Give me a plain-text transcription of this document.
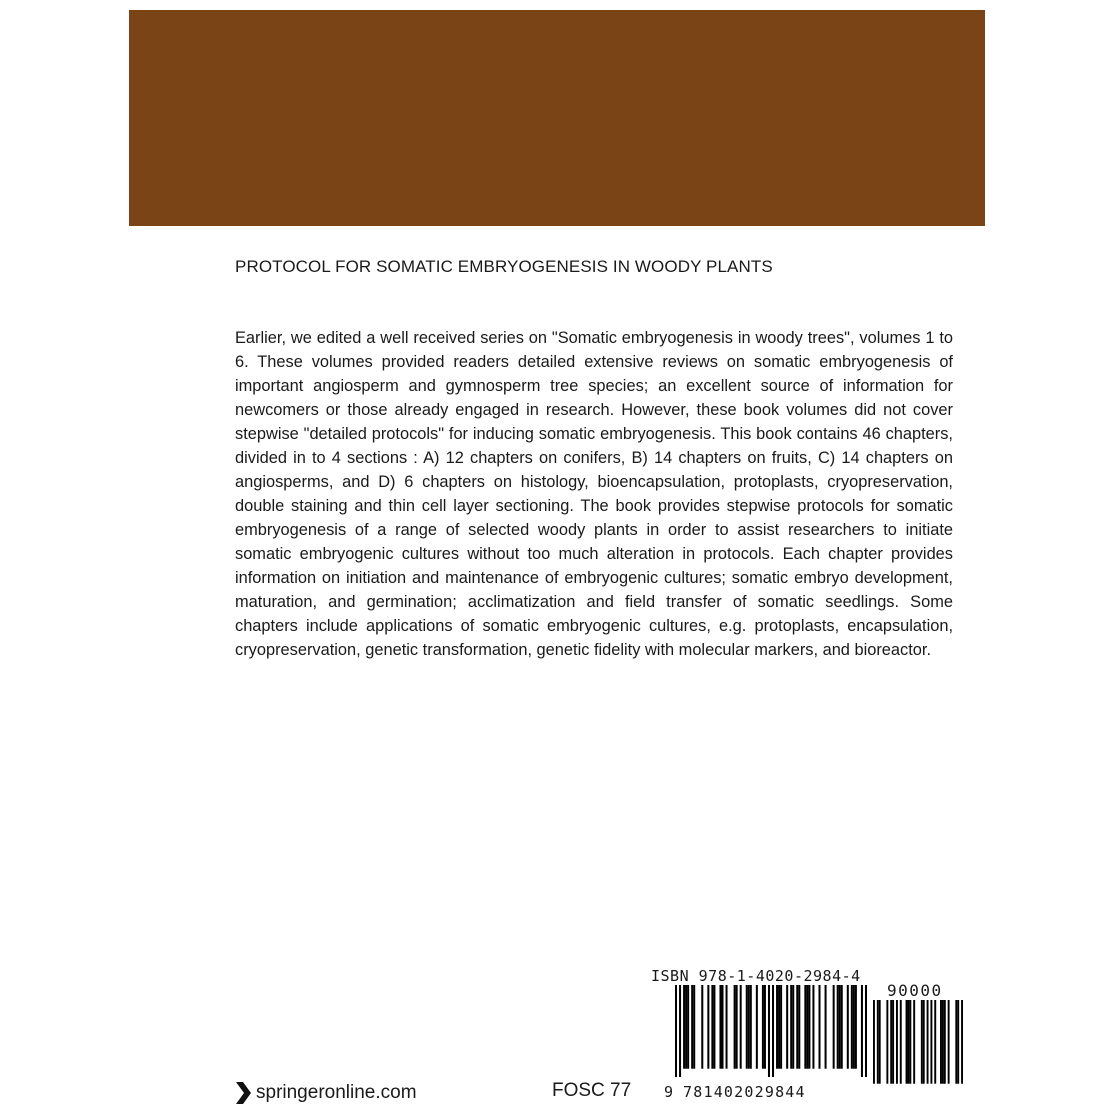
PROTOCOL FOR SOMATIC EMBRYOGENESIS IN WOODY PLANTS

Earlier, we edited a well received series on "Somatic embryogenesis in woody trees", volumes 1 to 6. These volumes provided readers detailed extensive reviews on somatic embryogenesis of important angiosperm and gymnosperm tree species; an excellent source of information for newcomers or those already engaged in research. However, these book volumes did not cover stepwise "detailed protocols" for inducing somatic embryogenesis. This book contains 46 chapters, divided in to 4 sections : A) 12 chapters on conifers, B) 14 chapters on fruits, C) 14 chapters on angiosperms, and D) 6 chapters on histology, bioencapsulation, protoplasts, cryopreservation, double staining and thin cell layer sectioning. The book provides stepwise protocols for somatic embryogenesis of a range of selected woody plants in order to assist researchers to initiate somatic embryogenic cultures without too much alteration in protocols. Each chapter provides information on initiation and maintenance of embryogenic cultures; somatic embryo development, maturation, and germination; acclimatization and field transfer of somatic seedlings. Some chapters include applications of somatic embryogenic cultures, e.g. protoplasts, encapsulation, cryopreservation, genetic transformation, genetic fidelity with molecular markers, and bioreactor.

ISBN 978-1-4020-2984-4
90000
9 781402029844
FOSC 77
springeronline.com
